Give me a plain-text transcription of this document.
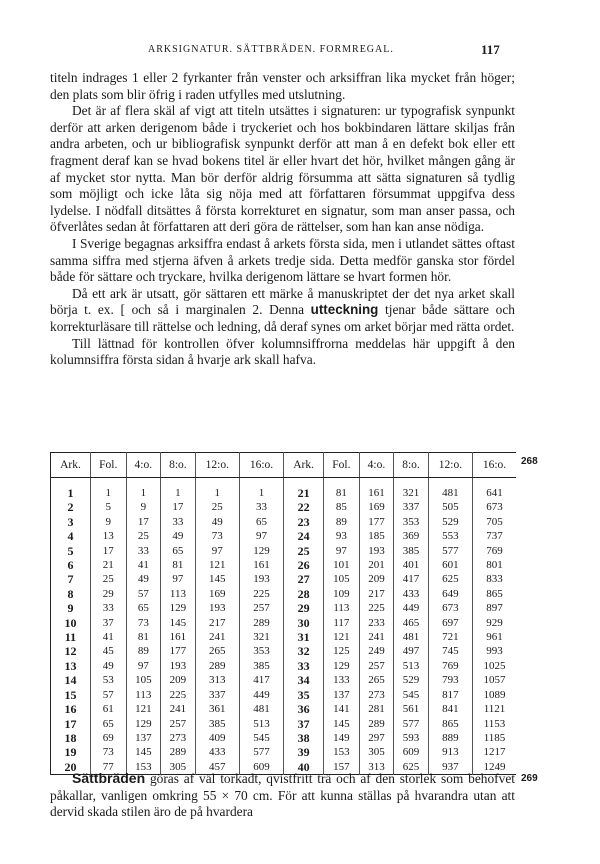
ARKSIGNATUR. SÄTTBRÄDEN. FORMREGAL.	117

titeln indrages 1 eller 2 fyrkanter från venster och arksiffran lika mycket från höger; den plats som blir öfrig i raden utfylles med utslutning.

Det är af flera skäl af vigt att titeln utsättes i signaturen: ur typografisk synpunkt derför att arken derigenom både i tryckeriet och hos bokbindaren lättare skiljas från andra arbeten, och ur bibliografisk synpunkt derför att man å en defekt bok eller ett fragment deraf kan se hvad bokens titel är eller hvart det hör, hvilket mången gång är af mycket stor nytta. Man bör derför aldrig försumma att sätta signaturen så tydlig som möjligt och icke låta sig nöja med att författaren försummat uppgifva dess lydelse. I nödfall ditsättes å första korrekturet en signatur, som man anser passa, och öfverlåtes sedan åt författaren att deri göra de rättelser, som han kan anse nödiga.

I Sverige begagnas arksiffra endast å arkets första sida, men i utlandet sättes oftast samma siffra med stjerna äfven å arkets tredje sida. Detta medför ganska stor fördel både för sättare och tryckare, hvilka derigenom lättare se hvart formen hör.

Då ett ark är utsatt, gör sättaren ett märke å manuskriptet der det nya arket skall börja t. ex. [ och så i marginalen 2. Denna utteckning tjenar både sättare och korrekturläsare till rättelse och ledning, då deraf synes om arket börjar med rätta ordet.

Till lättnad för kontrollen öfver kolumnsiffrorna meddelas här uppgift å den kolumnsiffra första sidan å hvarje ark skall hafva.

268
Ark.	Fol.	4:o.	8:o.	12:o.	16:o.	Ark.	Fol.	4:o.	8:o.	12:o.	16:o.
1	1	1	1	1	1	21	81	161	321	481	641
2	5	9	17	25	33	22	85	169	337	505	673
3	9	17	33	49	65	23	89	177	353	529	705
4	13	25	49	73	97	24	93	185	369	553	737
5	17	33	65	97	129	25	97	193	385	577	769
6	21	41	81	121	161	26	101	201	401	601	801
7	25	49	97	145	193	27	105	209	417	625	833
8	29	57	113	169	225	28	109	217	433	649	865
9	33	65	129	193	257	29	113	225	449	673	897
10	37	73	145	217	289	30	117	233	465	697	929
11	41	81	161	241	321	31	121	241	481	721	961
12	45	89	177	265	353	32	125	249	497	745	993
13	49	97	193	289	385	33	129	257	513	769	1025
14	53	105	209	313	417	34	133	265	529	793	1057
15	57	113	225	337	449	35	137	273	545	817	1089
16	61	121	241	361	481	36	141	281	561	841	1121
17	65	129	257	385	513	37	145	289	577	865	1153
18	69	137	273	409	545	38	149	297	593	889	1185
19	73	145	289	433	577	39	153	305	609	913	1217
20	77	153	305	457	609	40	157	313	625	937	1249

Sättbräden göras af väl torkadt, qvistfritt trä och af den storlek som behofvet påkallar, vanligen omkring 55 × 70 cm. För att kunna ställas på hvarandra utan att dervid skada stilen äro de på hvardera

269
